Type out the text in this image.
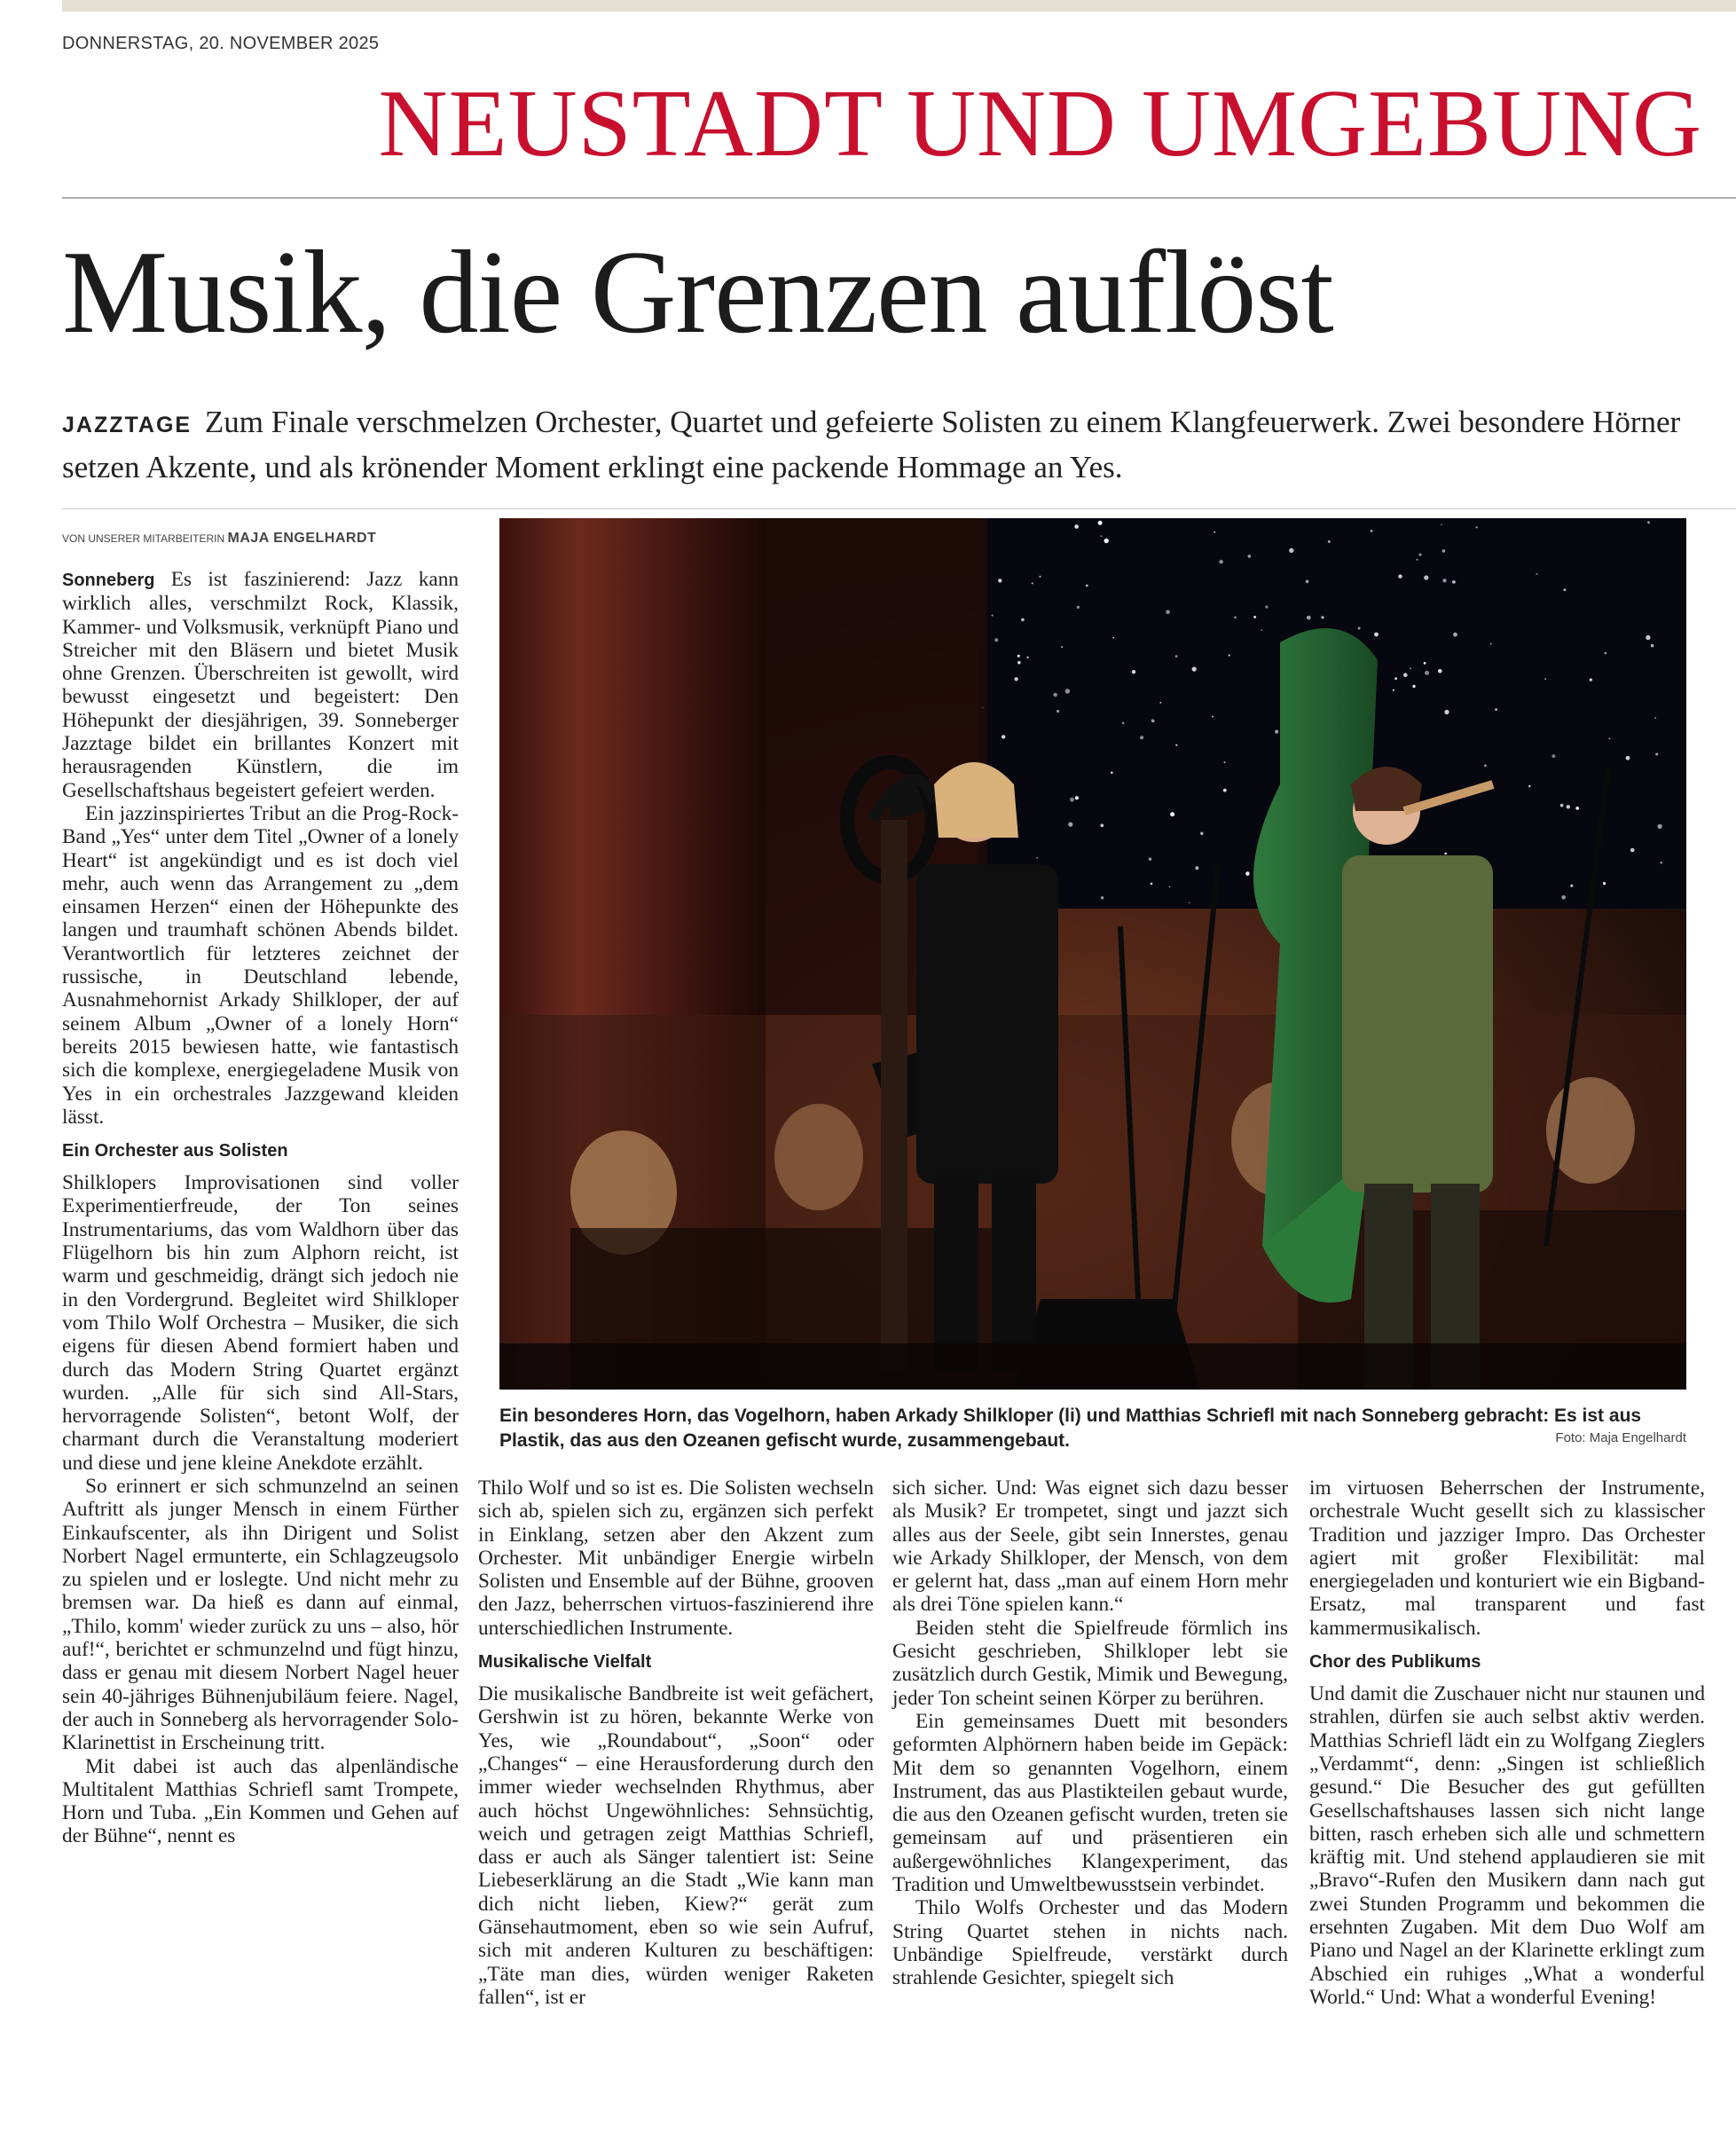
DONNERSTAG, 20. NOVEMBER 2025
NEUSTADT UND UMGEBUNG
Musik, die Grenzen auflöst
JAZZTAGE Zum Finale verschmelzen Orchester, Quartet und gefeierte Solisten zu einem Klangfeuerwerk. Zwei besondere Hörner setzen Akzente, und als krönender Moment erklingt eine packende Hommage an Yes.
VON UNSERER MITARBEITERIN MAJA ENGELHARDT

Sonneberg Es ist faszinierend: Jazz kann wirklich alles, verschmilzt Rock, Klassik, Kammer- und Volksmusik, verknüpft Piano und Streicher mit den Bläsern und bietet Musik ohne Grenzen. Überschreiten ist gewollt, wird bewusst eingesetzt und begeistert: Den Höhepunkt der diesjährigen, 39. Sonneberger Jazztage bildet ein brillantes Konzert mit herausragenden Künstlern, die im Gesellschaftshaus begeistert gefeiert werden.

Ein jazzinspiriertes Tribut an die Prog-Rock-Band „Yes“ unter dem Titel „Owner of a lonely Heart“ ist angekündigt und es ist doch viel mehr, auch wenn das Arrangement zu „dem einsamen Herzen“ einen der Höhepunkte des langen und traumhaft schönen Abends bildet. Verantwortlich für letzteres zeichnet der russische, in Deutschland lebende, Ausnahmehornist Arkady Shilkloper, der auf seinem Album „Owner of a lonely Horn“ bereits 2015 bewiesen hatte, wie fantastisch sich die komplexe, energiegeladene Musik von Yes in ein orchestrales Jazzgewand kleiden lässt.

Ein Orchester aus Solisten

Shilklopers Improvisationen sind voller Experimentierfreude, der Ton seines Instrumentariums, das vom Waldhorn über das Flügelhorn bis hin zum Alphorn reicht, ist warm und geschmeidig, drängt sich jedoch nie in den Vordergrund. Begleitet wird Shilkloper vom Thilo Wolf Orchestra – Musiker, die sich eigens für diesen Abend formiert haben und durch das Modern String Quartet ergänzt wurden. „Alle für sich sind All-Stars, hervorragende Solisten“, betont Wolf, der charmant durch die Veranstaltung moderiert und diese und jene kleine Anekdote erzählt.

So erinnert er sich schmunzelnd an seinen Auftritt als junger Mensch in einem Fürther Einkaufscenter, als ihn Dirigent und Solist Norbert Nagel ermunterte, ein Schlagzeugsolo zu spielen und er loslegte. Und nicht mehr zu bremsen war. Da hieß es dann auf einmal, „Thilo, komm' wieder zurück zu uns – also, hör auf!“, berichtet er schmunzelnd und fügt hinzu, dass er genau mit diesem Norbert Nagel heuer sein 40-jähriges Bühnenjubiläum feiere. Nagel, der auch in Sonneberg als hervorragender Solo-Klarinettist in Erscheinung tritt.

Mit dabei ist auch das alpenländische Multitalent Matthias Schriefl samt Trompete, Horn und Tuba. „Ein Kommen und Gehen auf der Bühne“, nennt es

Ein besonderes Horn, das Vogelhorn, haben Arkady Shilkloper (li) und Matthias Schriefl mit nach Sonneberg gebracht: Es ist aus Plastik, das aus den Ozeanen gefischt wurde, zusammengebaut.	Foto: Maja Engelhardt

Thilo Wolf und so ist es. Die Solisten wechseln sich ab, spielen sich zu, ergänzen sich perfekt in Einklang, setzen aber den Akzent zum Orchester. Mit unbändiger Energie wirbeln Solisten und Ensemble auf der Bühne, grooven den Jazz, beherrschen virtuos-faszinierend ihre unterschiedlichen Instrumente.

Musikalische Vielfalt

Die musikalische Bandbreite ist weit gefächert, Gershwin ist zu hören, bekannte Werke von Yes, wie „Roundabout“, „Soon“ oder „Changes“ – eine Herausforderung durch den immer wieder wechselnden Rhythmus, aber auch höchst Ungewöhnliches: Sehnsüchtig, weich und getragen zeigt Matthias Schriefl, dass er auch als Sänger talentiert ist: Seine Liebeserklärung an die Stadt „Wie kann man dich nicht lieben, Kiew?“ gerät zum Gänsehautmoment, eben so wie sein Aufruf, sich mit anderen Kulturen zu beschäftigen: „Täte man dies, würden weniger Raketen fallen“, ist er

sich sicher. Und: Was eignet sich dazu besser als Musik? Er trompetet, singt und jazzt sich alles aus der Seele, gibt sein Innerstes, genau wie Arkady Shilkloper, der Mensch, von dem er gelernt hat, dass „man auf einem Horn mehr als drei Töne spielen kann.“

Beiden steht die Spielfreude förmlich ins Gesicht geschrieben, Shilkloper lebt sie zusätzlich durch Gestik, Mimik und Bewegung, jeder Ton scheint seinen Körper zu berühren.

Ein gemeinsames Duett mit besonders geformten Alphörnern haben beide im Gepäck: Mit dem so genannten Vogelhorn, einem Instrument, das aus Plastikteilen gebaut wurde, die aus den Ozeanen gefischt wurden, treten sie gemeinsam auf und präsentieren ein außergewöhnliches Klangexperiment, das Tradition und Umweltbewusstsein verbindet.

Thilo Wolfs Orchester und das Modern String Quartet stehen in nichts nach. Unbändige Spielfreude, verstärkt durch strahlende Gesichter, spiegelt sich

im virtuosen Beherrschen der Instrumente, orchestrale Wucht gesellt sich zu klassischer Tradition und jazziger Impro. Das Orchester agiert mit großer Flexibilität: mal energiegeladen und konturiert wie ein Bigband-Ersatz, mal transparent und fast kammermusikalisch.

Chor des Publikums

Und damit die Zuschauer nicht nur staunen und strahlen, dürfen sie auch selbst aktiv werden. Matthias Schriefl lädt ein zu Wolfgang Zieglers „Verdammt“, denn: „Singen ist schließlich gesund.“ Die Besucher des gut gefüllten Gesellschaftshauses lassen sich nicht lange bitten, rasch erheben sich alle und schmettern kräftig mit. Und stehend applaudieren sie mit „Bravo“-Rufen den Musikern dann nach gut zwei Stunden Programm und bekommen die ersehnten Zugaben. Mit dem Duo Wolf am Piano und Nagel an der Klarinette erklingt zum Abschied ein ruhiges „What a wonderful World.“ Und: What a wonderful Evening!
